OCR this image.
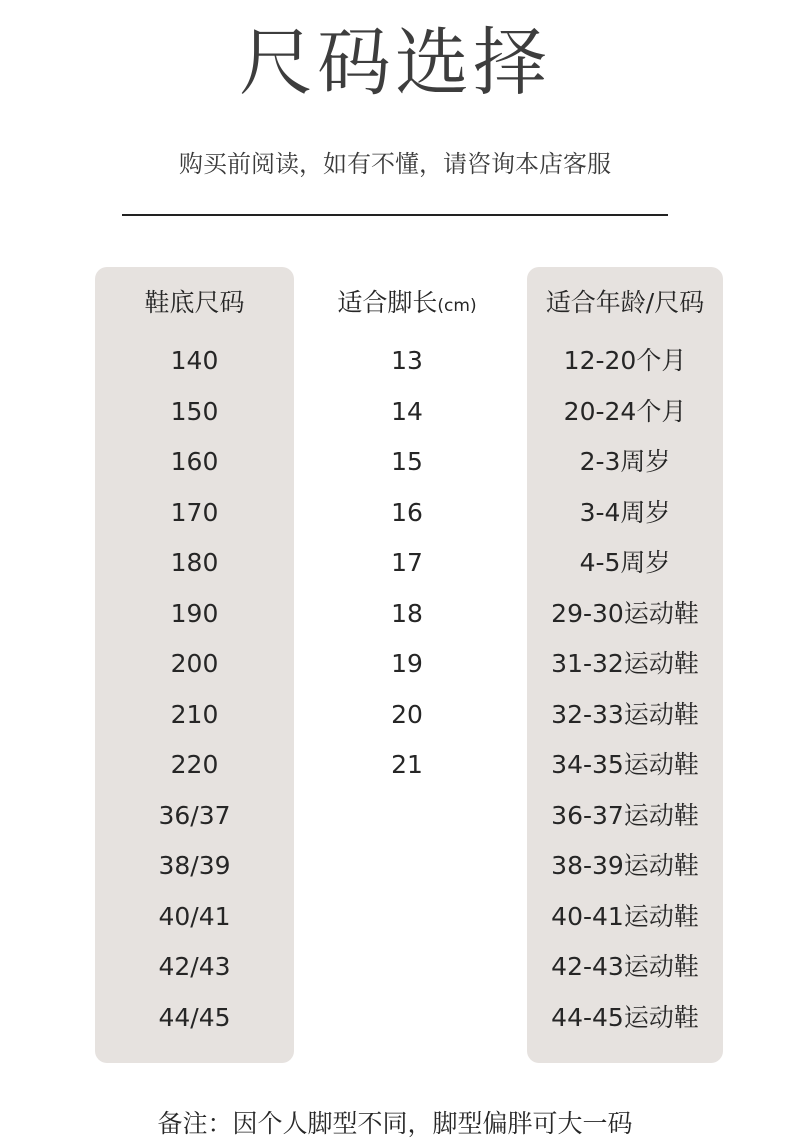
尺码选择
购买前阅读，如有不懂，请咨询本店客服
鞋底尺码
140
150
160
170
180
190
200
210
220
36/37
38/39
40/41
42/43
44/45
适合脚长(cm)
13
14
15
16
17
18
19
20
21
适合年龄/尺码
12-20个月
20-24个月
2-3周岁
3-4周岁
4-5周岁
29-30运动鞋
31-32运动鞋
32-33运动鞋
34-35运动鞋
36-37运动鞋
38-39运动鞋
40-41运动鞋
42-43运动鞋
44-45运动鞋
备注：因个人脚型不同，脚型偏胖可大一码
